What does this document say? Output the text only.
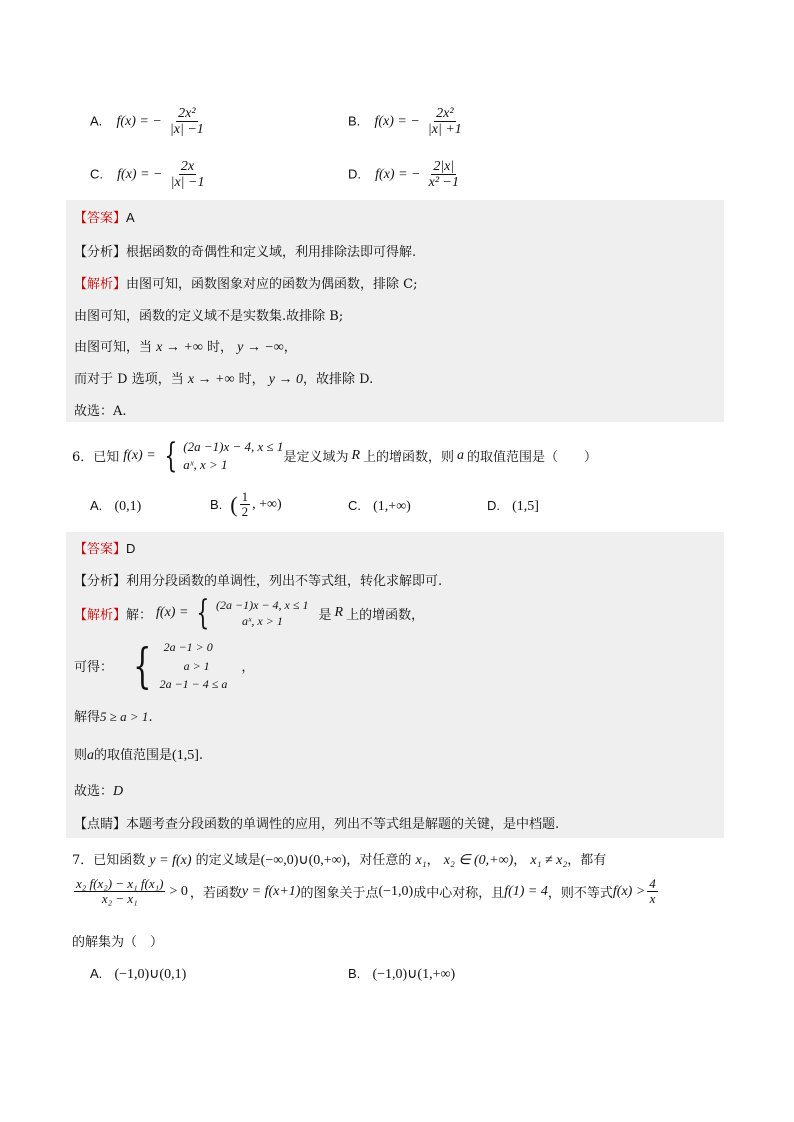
A. f(x) = − $\frac{\text{2x²}}{|x| -1}$	B. f(x) = − $\frac{\text{2x²}}{|x| +1}$
C. f(x) = − $\frac{2x}{|x| -1}$	D. f(x) = − $\frac{2|x|}{\text{x² −1}}$
【答案】A
【分析】根据函数的奇偶性和定义域，利用排除法即可得解.
【解析】由图可知，函数图象对应的函数为偶函数，排除 C;
由图可知，函数的定义域不是实数集.故排除 B;
由图可知，当 x → +∞ 时， y → −∞，
而对于 D 选项，当 x → +∞ 时， y → 0，故排除 D.
故选：A.
6．已知 f(x) = { (2a −1)x − 4, x ≤ 1
aˣ, x > 1	是定义域为 R 上的增函数，则 a 的取值范围是（　　）
A. (0,1)	B. ( $\frac{1}{2}$ , +∞)	C. (1,+∞)	D. (1,5]
【答案】D
【分析】利用分段函数的单调性，列出不等式组，转化求解即可.
【解析】 解： f(x) = { (2a −1)x − 4, x ≤ 1
aˣ, x > 1	是 R 上的增函数，
可得： {	2a −1 > 0
a > 1
2a −1 − 4 ≤ a
，
解得5 ≥ a > 1.
则a的取值范围是(1,5].
故选：D
【点睛】本题考查分段函数的单调性的应用，列出不等式组是解题的关键，是中档题.
7．已知函数 y = f(x) 的定义域是(−∞,0)∪(0,+∞)，对任意的 x₁， x₂ ∈ (0,+∞)， x₁ ≠ x₂，都有
$\frac{\text{x₂ f(x₂) − x₁ f(x₁)}}{\text{x₂ − x₁}} > 0$ ，若函数 y = f(x+1) 的图象关于点 (−1,0) 成中心对称，且 f(1) = 4 ，则不等式 $f(x) > \frac{4}{x}$
的解集为（　）
A. (−1,0)∪(0,1)	B. (−1,0)∪(1,+∞)
